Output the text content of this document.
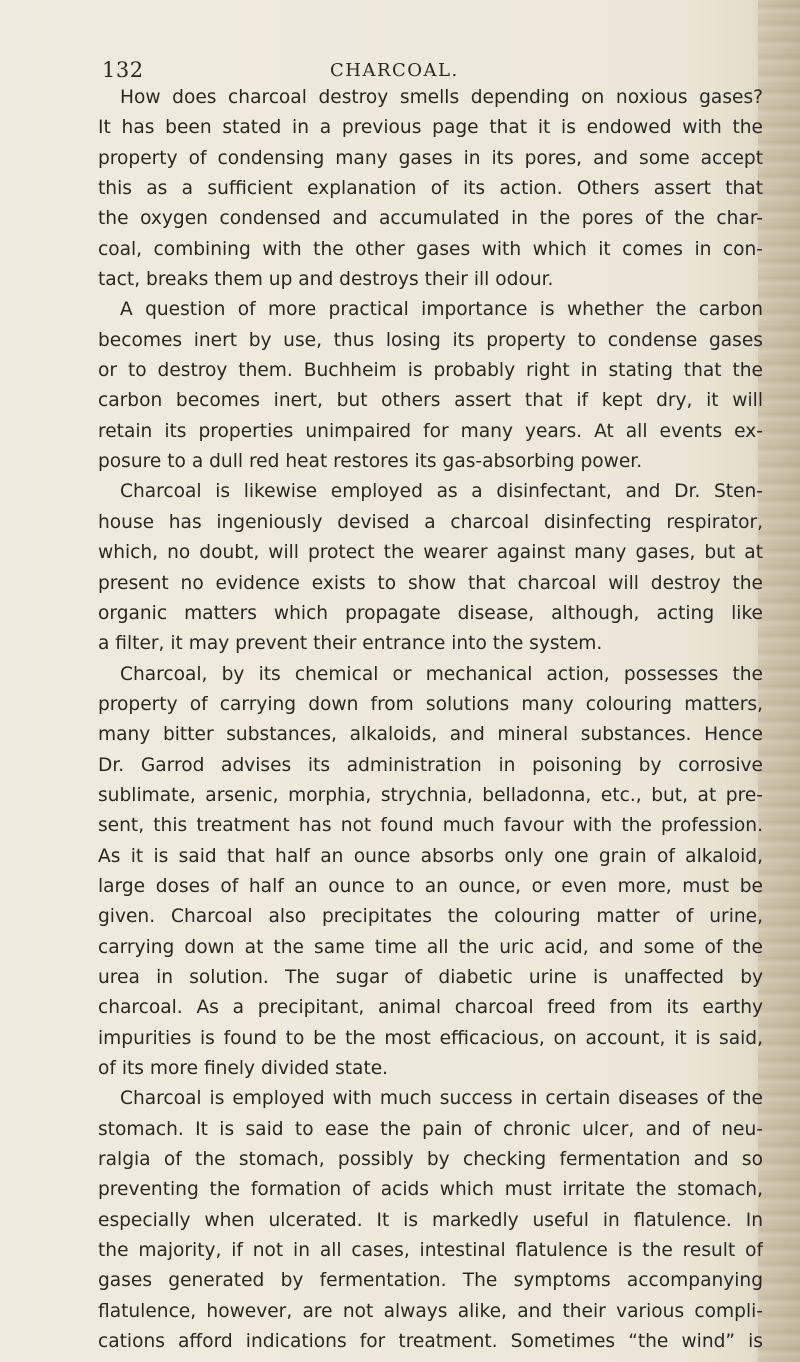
132	CHARCOAL.
How does charcoal destroy smells depending on noxious gases?
It has been stated in a previous page that it is endowed with the
property of condensing many gases in its pores, and some accept
this as a sufficient explanation of its action. Others assert that
the oxygen condensed and accumulated in the pores of the char-
coal, combining with the other gases with which it comes in con-
tact, breaks them up and destroys their ill odour.
A question of more practical importance is whether the carbon
becomes inert by use, thus losing its property to condense gases
or to destroy them. Buchheim is probably right in stating that the
carbon becomes inert, but others assert that if kept dry, it will
retain its properties unimpaired for many years. At all events ex-
posure to a dull red heat restores its gas-absorbing power.
Charcoal is likewise employed as a disinfectant, and Dr. Sten-
house has ingeniously devised a charcoal disinfecting respirator,
which, no doubt, will protect the wearer against many gases, but at
present no evidence exists to show that charcoal will destroy the
organic matters which propagate disease, although, acting like
a filter, it may prevent their entrance into the system.
Charcoal, by its chemical or mechanical action, possesses the
property of carrying down from solutions many colouring matters,
many bitter substances, alkaloids, and mineral substances. Hence
Dr. Garrod advises its administration in poisoning by corrosive
sublimate, arsenic, morphia, strychnia, belladonna, etc., but, at pre-
sent, this treatment has not found much favour with the profession.
As it is said that half an ounce absorbs only one grain of alkaloid,
large doses of half an ounce to an ounce, or even more, must be
given. Charcoal also precipitates the colouring matter of urine,
carrying down at the same time all the uric acid, and some of the
urea in solution. The sugar of diabetic urine is unaffected by
charcoal. As a precipitant, animal charcoal freed from its earthy
impurities is found to be the most efficacious, on account, it is said,
of its more finely divided state.
Charcoal is employed with much success in certain diseases of the
stomach. It is said to ease the pain of chronic ulcer, and of neu-
ralgia of the stomach, possibly by checking fermentation and so
preventing the formation of acids which must irritate the stomach,
especially when ulcerated. It is markedly useful in flatulence. In
the majority, if not in all cases, intestinal flatulence is the result of
gases generated by fermentation. The symptoms accompanying
flatulence, however, are not always alike, and their various compli-
cations afford indications for treatment. Sometimes “the wind” is
